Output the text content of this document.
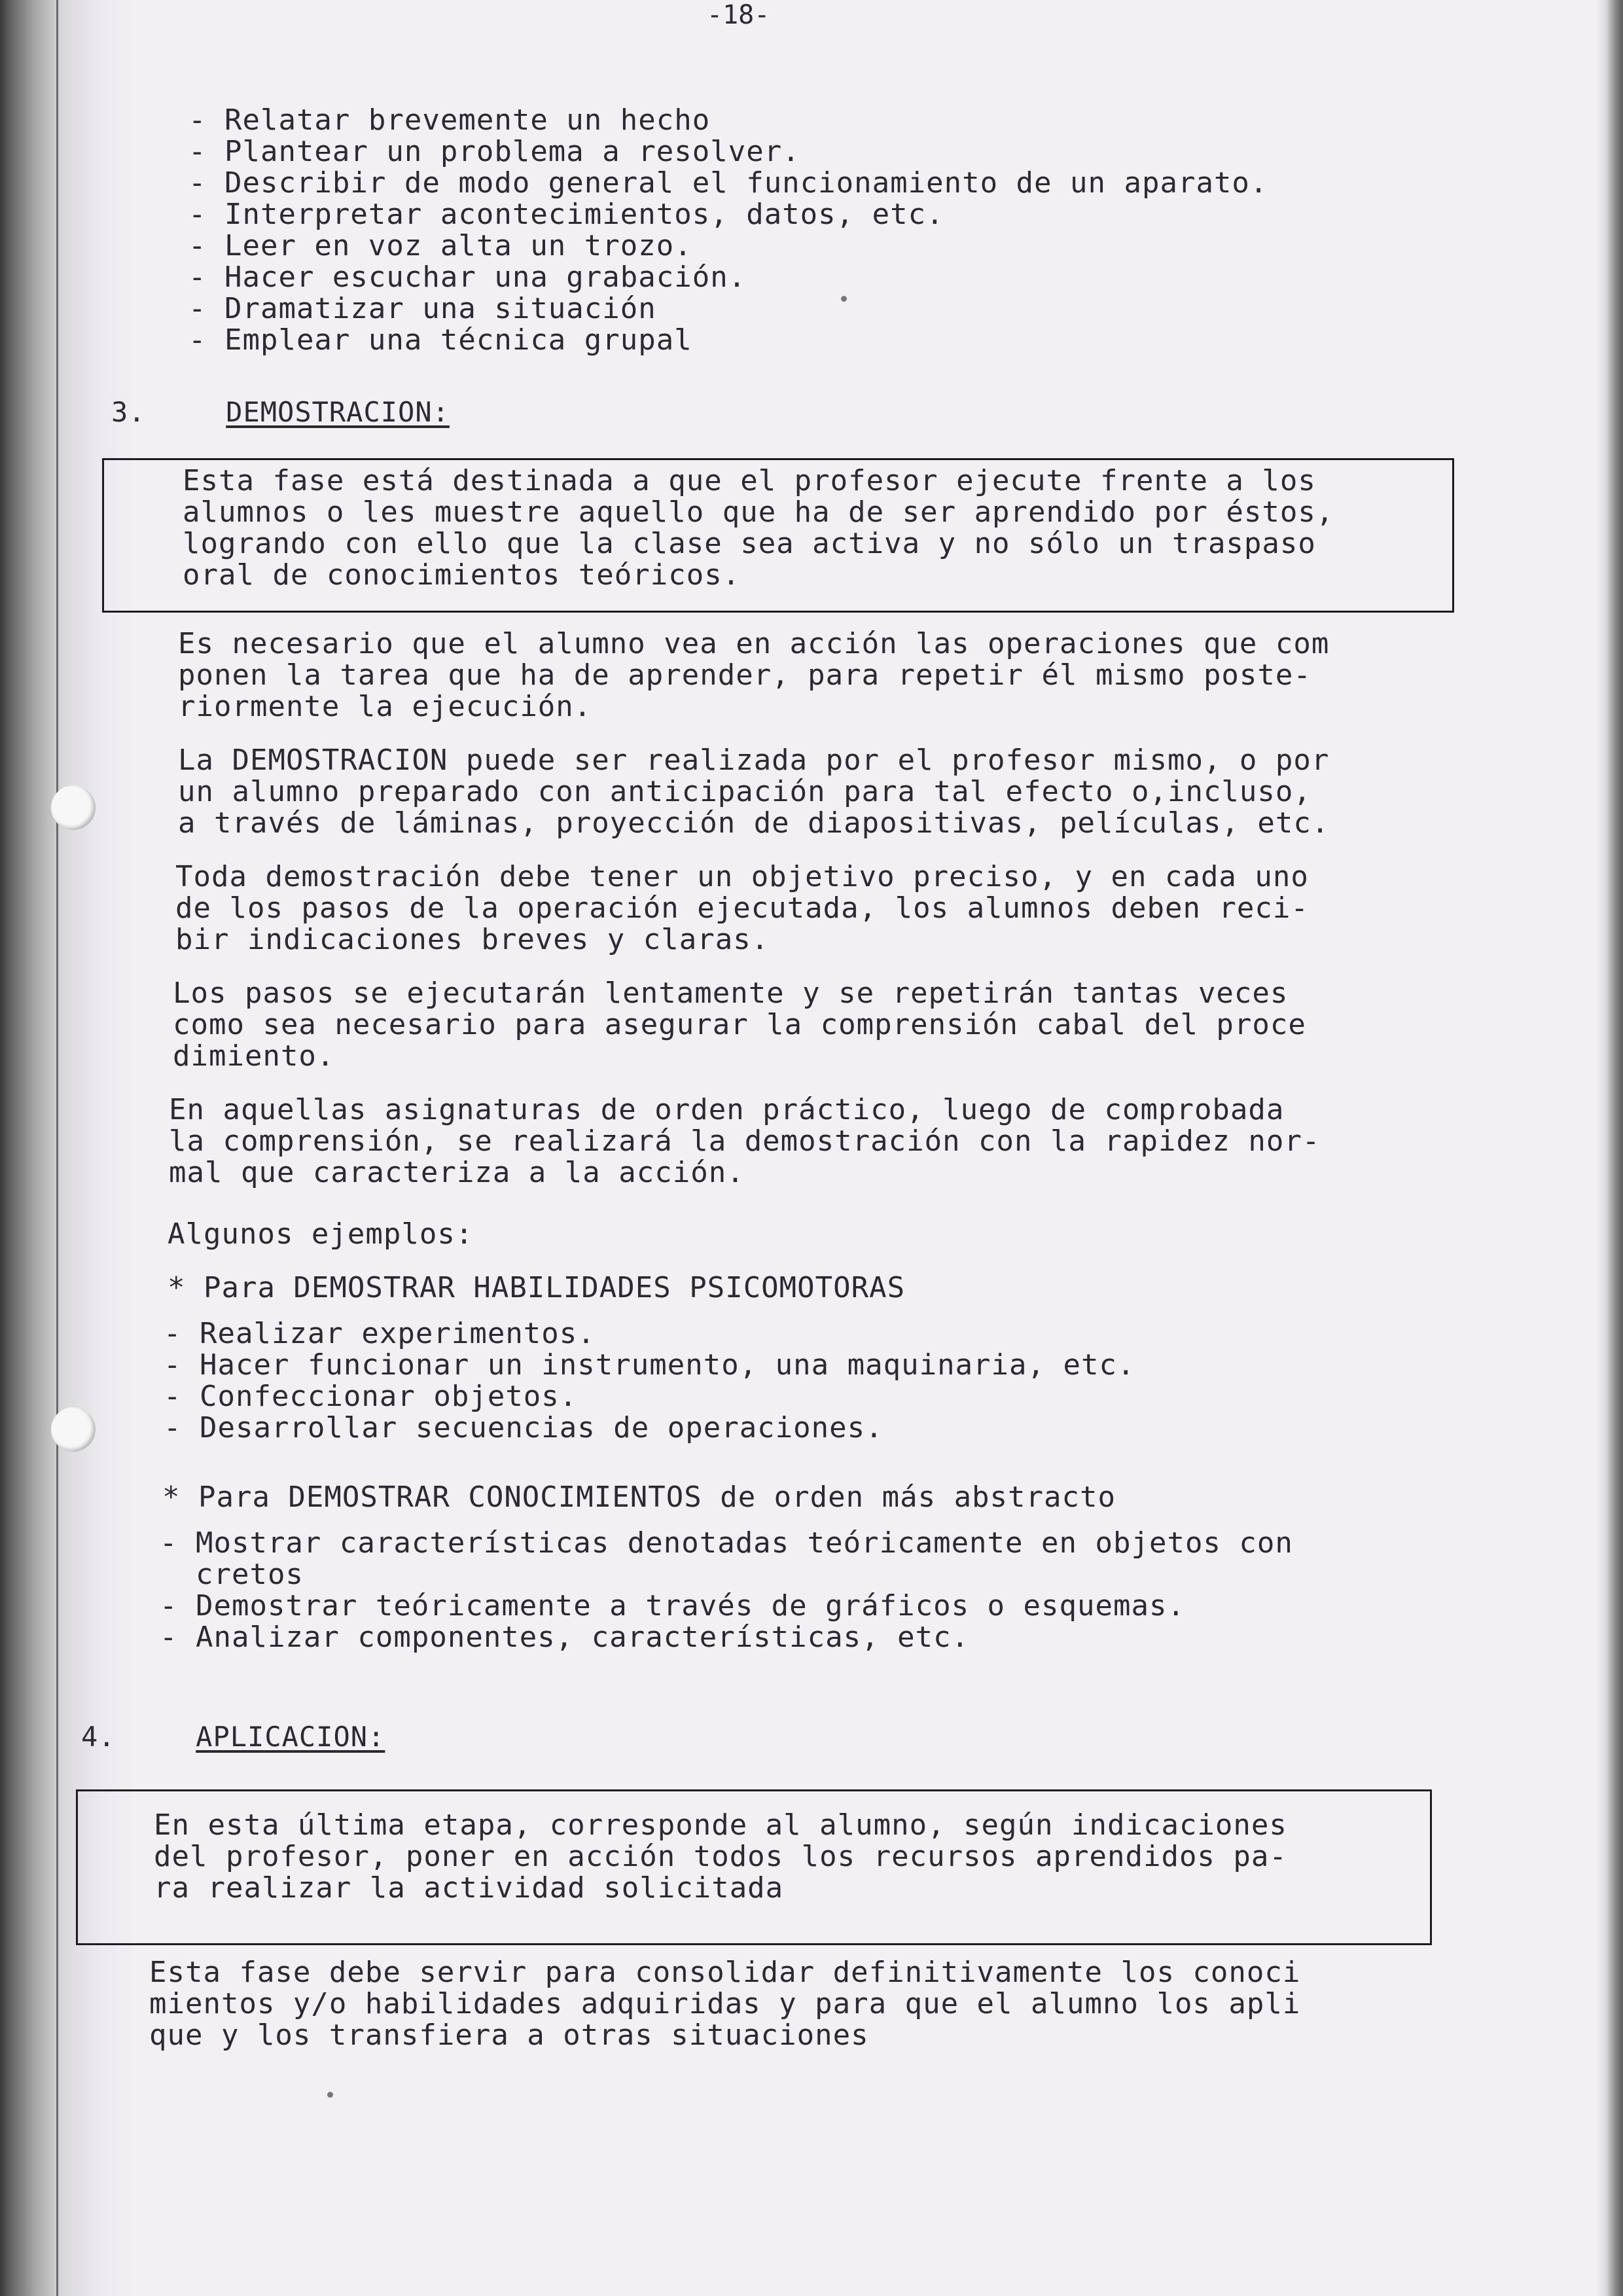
-18-
- Relatar brevemente un hecho
- Plantear un problema a resolver.
- Describir de modo general el funcionamiento de un aparato.
- Interpretar acontecimientos, datos, etc.
- Leer en voz alta un trozo.
- Hacer escuchar una grabación.
- Dramatizar una situación
- Emplear una técnica grupal
3.	DEMOSTRACION:
Esta fase está destinada a que el profesor ejecute frente a los
alumnos o les muestre aquello que ha de ser aprendido por éstos,
logrando con ello que la clase sea activa y no sólo un traspaso
oral de conocimientos teóricos.
Es necesario que el alumno vea en acción las operaciones que com
ponen la tarea que ha de aprender, para repetir él mismo poste-
riormente la ejecución.
La DEMOSTRACION puede ser realizada por el profesor mismo, o por
un alumno preparado con anticipación para tal efecto o,incluso,
a través de láminas, proyección de diapositivas, películas, etc.
Toda demostración debe tener un objetivo preciso, y en cada uno
de los pasos de la operación ejecutada, los alumnos deben reci-
bir indicaciones breves y claras.
Los pasos se ejecutarán lentamente y se repetirán tantas veces
como sea necesario para asegurar la comprensión cabal del proce
dimiento.
En aquellas asignaturas de orden práctico, luego de comprobada
la comprensión, se realizará la demostración con la rapidez nor-
mal que caracteriza a la acción.
Algunos ejemplos:
* Para DEMOSTRAR HABILIDADES PSICOMOTORAS
- Realizar experimentos.
- Hacer funcionar un instrumento, una maquinaria, etc.
- Confeccionar objetos.
- Desarrollar secuencias de operaciones.
* Para DEMOSTRAR CONOCIMIENTOS de orden más abstracto
- Mostrar características denotadas teóricamente en objetos con
cretos
- Demostrar teóricamente a través de gráficos o esquemas.
- Analizar componentes, características, etc.
4.	APLICACION:
En esta última etapa, corresponde al alumno, según indicaciones
del profesor, poner en acción todos los recursos aprendidos pa-
ra realizar la actividad solicitada
Esta fase debe servir para consolidar definitivamente los conoci
mientos y/o habilidades adquiridas y para que el alumno los apli
que y los transfiera a otras situaciones
